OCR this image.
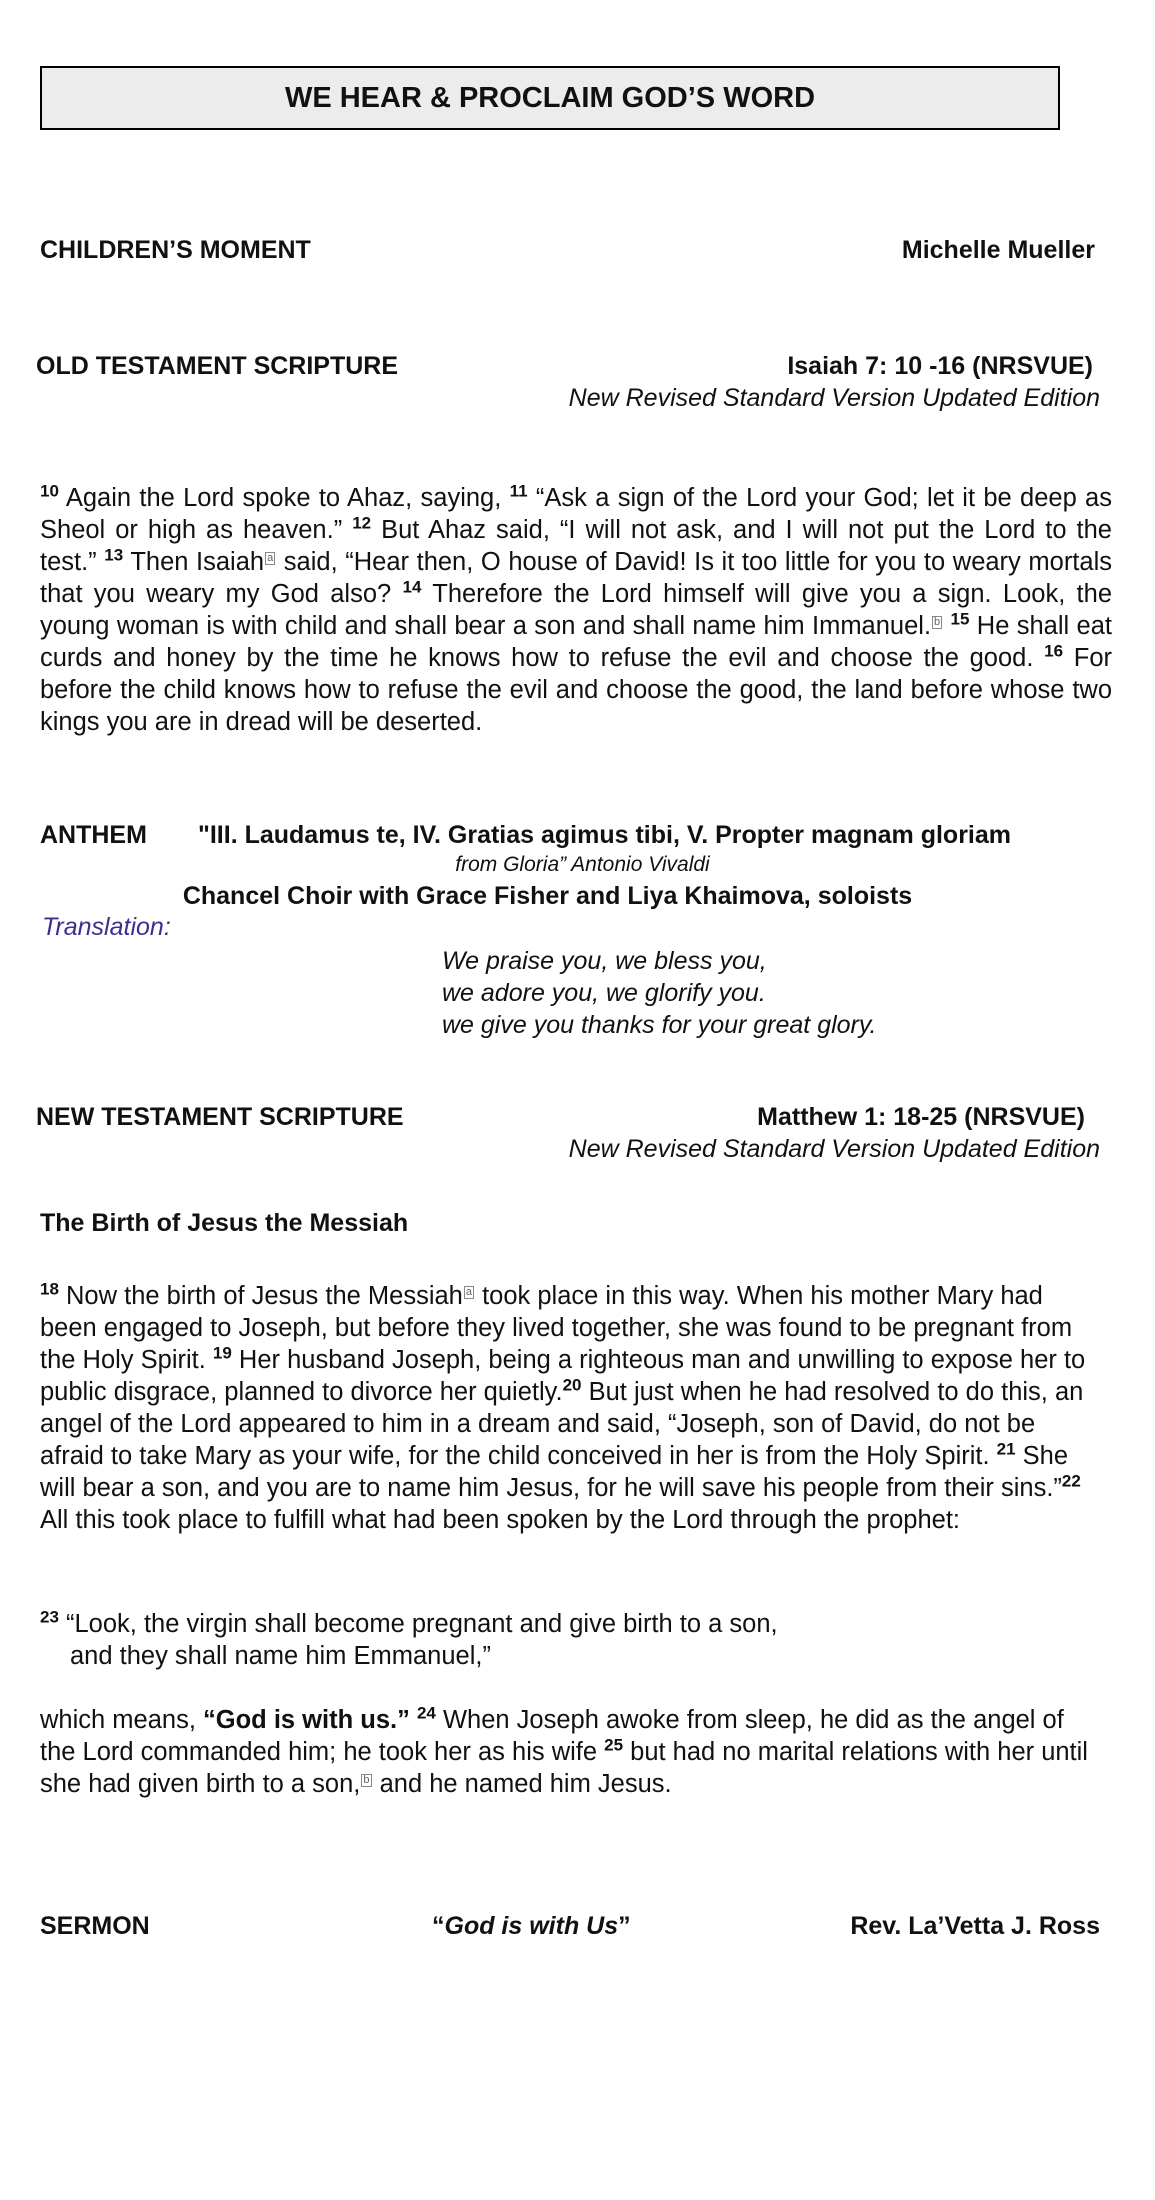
WE HEAR & PROCLAIM GOD’S WORD
CHILDREN’S MOMENT	Michelle Mueller
OLD TESTAMENT SCRIPTURE	Isaiah 7: 10 -16 (NRSVUE)
New Revised Standard Version Updated Edition
$^{10}$ Again the Lord spoke to Ahaz, saying, $^{11}$ “Ask a sign of the Lord your God; let it be deep as Sheol or high as heaven.” $^{12}$ But Ahaz said, “I will not ask, and I will not put the Lord to the test.” $^{13}$ Then Isaiah a said, “Hear then, O house of David! Is it too little for you to weary mortals that you weary my God also? $^{14}$ Therefore the Lord himself will give you a sign. Look, the young woman is with child and shall bear a son and shall name him Immanuel. b $^{15}$ He shall eat curds and honey by the time he knows how to refuse the evil and choose the good. $^{16}$ For before the child knows how to refuse the evil and choose the good, the land before whose two kings you are in dread will be deserted.
ANTHEM "III. Laudamus te, IV. Gratias agimus tibi, V. Propter magnam gloriam
from Gloria” Antonio Vivaldi
Chancel Choir with Grace Fisher and Liya Khaimova, soloists
Translation:
We praise you, we bless you,
we adore you, we glorify you.
we give you thanks for your great glory.
NEW TESTAMENT SCRIPTURE	Matthew 1: 18-25 (NRSVUE)
New Revised Standard Version Updated Edition
The Birth of Jesus the Messiah
$^{18}$ Now the birth of Jesus the Messiah a took place in this way. When his mother Mary had been engaged to Joseph, but before they lived together, she was found to be pregnant from the Holy Spirit. $^{19}$ Her husband Joseph, being a righteous man and unwilling to expose her to public disgrace, planned to divorce her quietly.$^{20}$ But just when he had resolved to do this, an angel of the Lord appeared to him in a dream and said, “Joseph, son of David, do not be afraid to take Mary as your wife, for the child conceived in her is from the Holy Spirit. $^{21}$ She will bear a son, and you are to name him Jesus, for he will save his people from their sins.”$^{22}$ All this took place to fulfill what had been spoken by the Lord through the prophet:
$^{23}$ “Look, the virgin shall become pregnant and give birth to a son,
and they shall name him Emmanuel,”
which means, “God is with us.” $^{24}$ When Joseph awoke from sleep, he did as the angel of the Lord commanded him; he took her as his wife $^{25}$ but had no marital relations with her until she had given birth to a son, b and he named him Jesus.
SERMON	“God is with Us”	Rev. La’Vetta J. Ross
